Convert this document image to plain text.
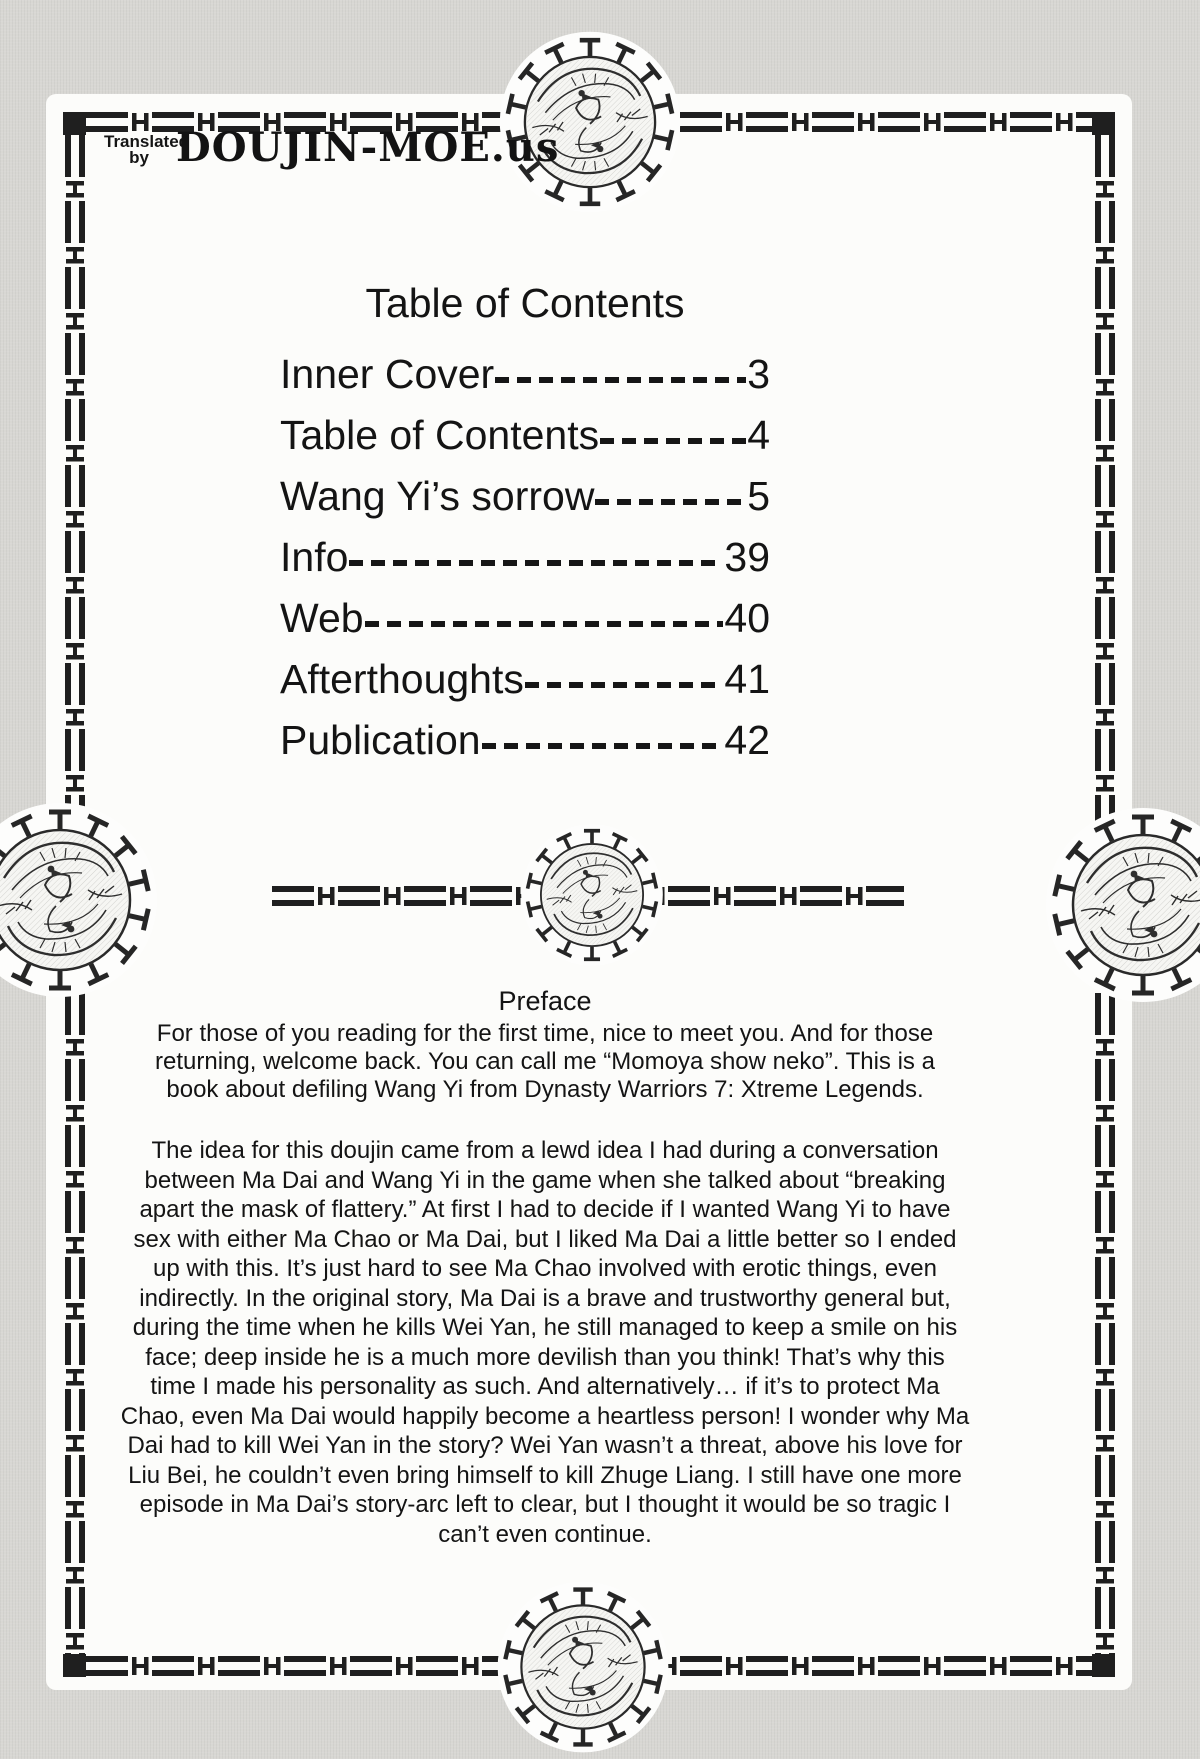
Translated
by DOUJIN-MOE.us
Table of Contents
Inner Cover	3
Table of Contents	4
Wang Yi’s sorrow	5
Info	39
Web	40
Afterthoughts	41
Publication	42
Preface
For those of you reading for the first time, nice to meet you. And for those returning, welcome back. You can call me “Momoya show neko”. This is a book about defiling Wang Yi from Dynasty Warriors 7: Xtreme Legends.
The idea for this doujin came from a lewd idea I had during a conversation between Ma Dai and Wang Yi in the game when she talked about “breaking apart the mask of flattery.” At first I had to decide if I wanted Wang Yi to have sex with either Ma Chao or Ma Dai, but I liked Ma Dai a little better so I ended up with this. It’s just hard to see Ma Chao involved with erotic things, even indirectly. In the original story, Ma Dai is a brave and trustworthy general but, during the time when he kills Wei Yan, he still managed to keep a smile on his face; deep inside he is a much more devilish than you think! That’s why this time I made his personality as such. And alternatively… if it’s to protect Ma Chao, even Ma Dai would happily become a heartless person! I wonder why Ma Dai had to kill Wei Yan in the story? Wei Yan wasn’t a threat, above his love for Liu Bei, he couldn’t even bring himself to kill Zhuge Liang. I still have one more episode in Ma Dai’s story-arc left to clear, but I thought it would be so tragic I can’t even continue.
